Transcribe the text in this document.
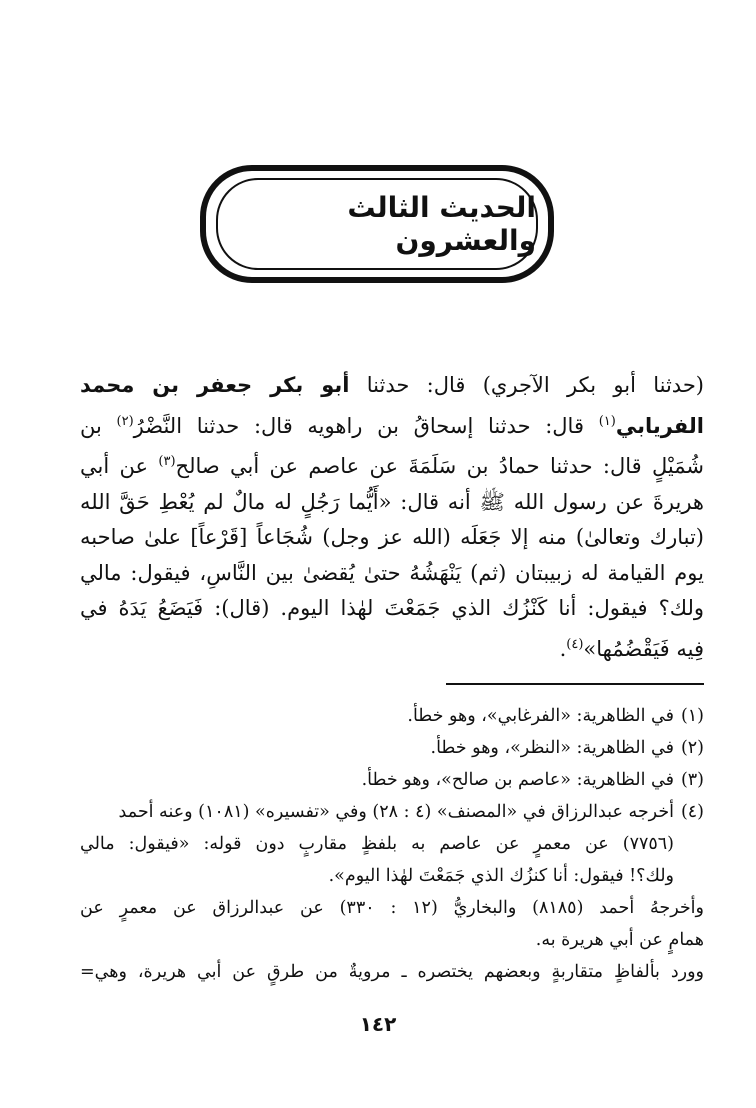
الحديث الثالث والعشرون
(حدثنا أبو بكر الآجري) قال: حدثنا أبو بكر جعفر بن محمد
الفريابي$^{(١)}$ قال: حدثنا إسحاقُ بن راهويه قال: حدثنا النَّضْرُ$^{(٢)}$ بن
شُمَيْلٍ قال: حدثنا حمادُ بن سَلَمَةَ عن عاصم عن أبي صالح$^{(٣)}$ عن أبي
هريرةَ عن رسول الله ﷺ أنه قال: «أَيُّما رَجُلٍ له مالٌ لم يُعْطِ حَقَّ الله
(تبارك وتعالىٰ) منه إلا جَعَلَه (الله عز وجل) شُجَاعاً [قَرْعاً] علىٰ صاحبه
يوم القيامة له زبيبتان (ثم) يَنْهَشُهُ حتىٰ يُقضىٰ بين النَّاسِ، فيقول: مالي
ولك؟ فيقول: أنا كَنْزُك الذي جَمَعْتَ لهٰذا اليوم. (قال): فَيَضَعُ يَدَهُ في
فِيه فَيَقْضُمُها»$^{(٤)}$.
(١)في الظاهرية: «الفرغابي»، وهو خطأ.
(٢)في الظاهرية: «النظر»، وهو خطأ.
(٣)في الظاهرية: «عاصم بن صالح»، وهو خطأ.
(٤)أخرجه عبدالرزاق في «المصنف» (٤ : ٢٨) وفي «تفسيره» (١٠٨١) وعنه أحمد
(٧٧٥٦) عن معمرٍ عن عاصم به بلفظٍ مقاربٍ دون قوله: «فيقول: مالي
ولك؟! فيقول: أنا كنزُك الذي جَمَعْتَ لهٰذا اليوم».
وأخرجهُ أحمد (٨١٨٥) والبخاريُّ (١٢ : ٣٣٠) عن عبدالرزاق عن معمرٍ عن
همامٍ عن أبي هريرة به.
وورد بألفاظٍ متقاربةٍ وبعضهم يختصره ـ مرويةٌ من طرقٍ عن أبي هريرة، وهي=
١٤٢
